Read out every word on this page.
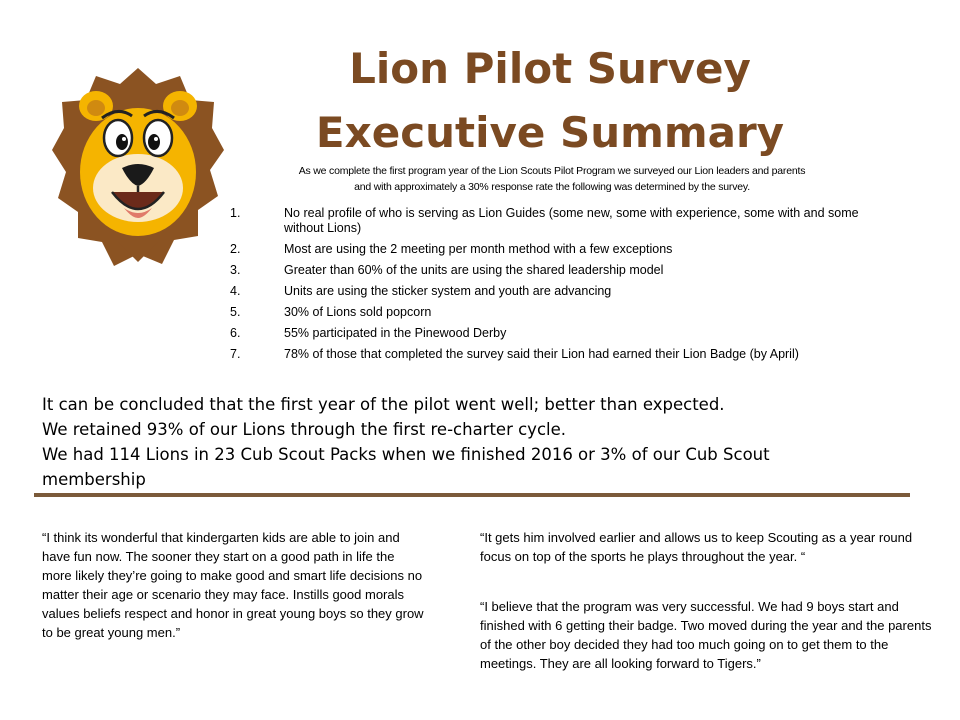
Lion Pilot Survey
Executive Summary
As we complete the first program year of the Lion Scouts Pilot Program we surveyed our Lion leaders and parents
and with approximately a 30% response rate the following was determined by the survey.
1.	No real profile of who is serving as Lion Guides (some new, some with experience, some with and some without Lions)
2.	Most are using the 2 meeting per month method with a few exceptions
3.	Greater than 60% of the units are using the shared leadership model
4.	Units are using the sticker system and youth are advancing
5.	30% of Lions sold popcorn
6.	55% participated in the Pinewood Derby
7.	78% of those that completed the survey said their Lion had earned their Lion Badge (by April)
It can be concluded that the first year of the pilot went well; better than expected.
We retained 93% of our Lions through the first re-charter cycle.
We had 114 Lions in 23 Cub Scout Packs when we finished 2016 or 3% of our Cub Scout membership

“I think its wonderful that kindergarten kids are able to join and have fun now. The sooner they start on a good path in life the more likely they’re going to make good and smart life decisions no matter their age or scenario they may face. Instills good morals values beliefs respect and honor in great young boys so they grow to be great young men.”

“It gets him involved earlier and allows us to keep Scouting as a year round focus on top of the sports he plays throughout the year. “

“I believe that the program was very successful. We had 9 boys start and finished with 6 getting their badge. Two moved during the year and the parents of the other boy decided they had too much going on to get them to the meetings. They are all looking forward to Tigers.”
